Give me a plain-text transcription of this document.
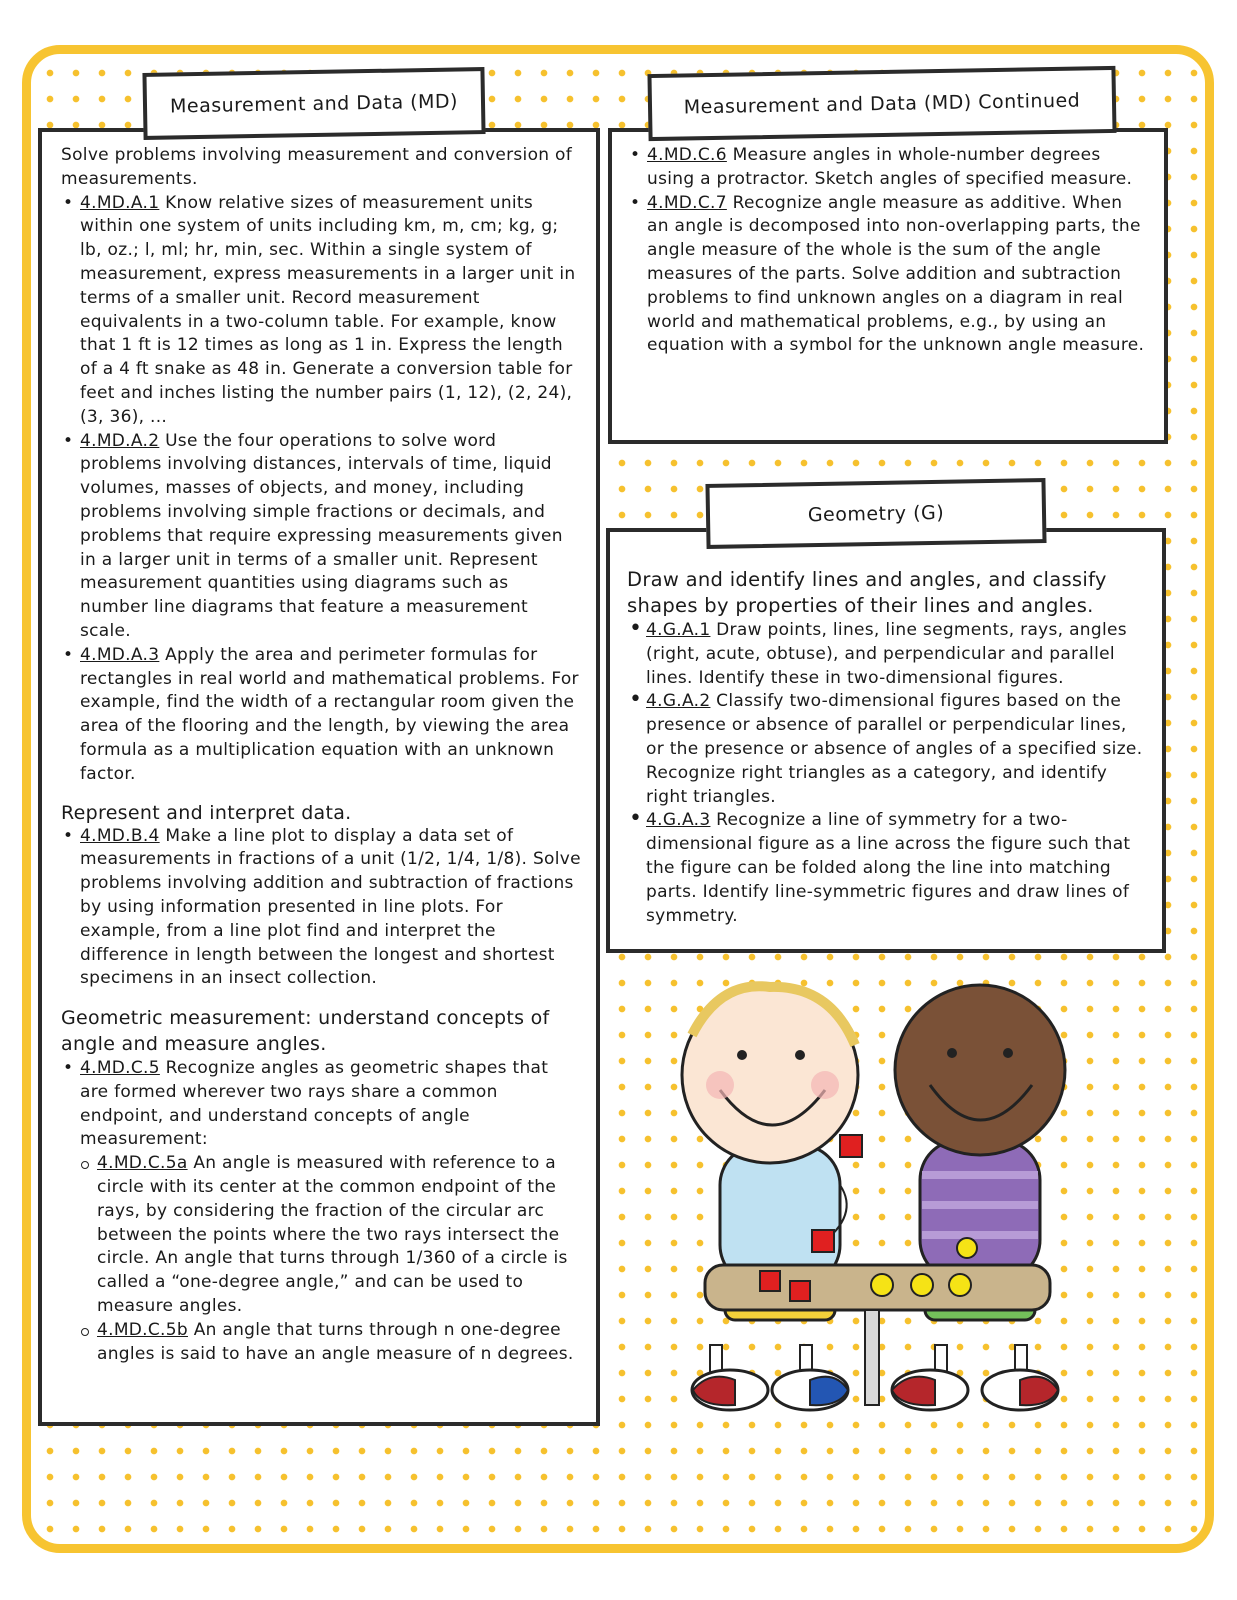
Measurement and Data (MD)

Solve problems involving measurement and conversion of measurements.

• 4.MD.A.1 Know relative sizes of measurement units within one system of units including km, m, cm; kg, g; lb, oz.; l, ml; hr, min, sec. Within a single system of measurement, express measurements in a larger unit in terms of a smaller unit. Record measurement equivalents in a two-column table. For example, know that 1 ft is 12 times as long as 1 in. Express the length of a 4 ft snake as 48 in. Generate a conversion table for feet and inches listing the number pairs (1, 12), (2, 24), (3, 36), ...
• 4.MD.A.2 Use the four operations to solve word problems involving distances, intervals of time, liquid volumes, masses of objects, and money, including problems involving simple fractions or decimals, and problems that require expressing measurements given in a larger unit in terms of a smaller unit. Represent measurement quantities using diagrams such as number line diagrams that feature a measurement scale.
• 4.MD.A.3 Apply the area and perimeter formulas for rectangles in real world and mathematical problems. For example, find the width of a rectangular room given the area of the flooring and the length, by viewing the area formula as a multiplication equation with an unknown factor.

Represent and interpret data.

• 4.MD.B.4 Make a line plot to display a data set of measurements in fractions of a unit (1/2, 1/4, 1/8). Solve problems involving addition and subtraction of fractions by using information presented in line plots. For example, from a line plot find and interpret the difference in length between the longest and shortest specimens in an insect collection.

Geometric measurement: understand concepts of angle and measure angles.

• 4.MD.C.5 Recognize angles as geometric shapes that are formed wherever two rays share a common endpoint, and understand concepts of angle measurement:
4.MD.C.5a An angle is measured with reference to a circle with its center at the common endpoint of the rays, by considering the fraction of the circular arc between the points where the two rays intersect the circle. An angle that turns through 1/360 of a circle is called a “one-degree angle,” and can be used to measure angles.
4.MD.C.5b An angle that turns through n one-degree angles is said to have an angle measure of n degrees.
Measurement and Data (MD) Continued
• 4.MD.C.6 Measure angles in whole-number degrees using a protractor. Sketch angles of specified measure.
• 4.MD.C.7 Recognize angle measure as additive. When an angle is decomposed into non-overlapping parts, the angle measure of the whole is the sum of the angle measures of the parts. Solve addition and subtraction problems to find unknown angles on a diagram in real world and mathematical problems, e.g., by using an equation with a symbol for the unknown angle measure.
Geometry (G)

Draw and identify lines and angles, and classify shapes by properties of their lines and angles.

• 4.G.A.1 Draw points, lines, line segments, rays, angles (right, acute, obtuse), and perpendicular and parallel lines. Identify these in two-dimensional figures.
• 4.G.A.2 Classify two-dimensional figures based on the presence or absence of parallel or perpendicular lines, or the presence or absence of angles of a specified size. Recognize right triangles as a category, and identify right triangles.
• 4.G.A.3 Recognize a line of symmetry for a two-dimensional figure as a line across the figure such that the figure can be folded along the line into matching parts. Identify line-symmetric figures and draw lines of symmetry.
